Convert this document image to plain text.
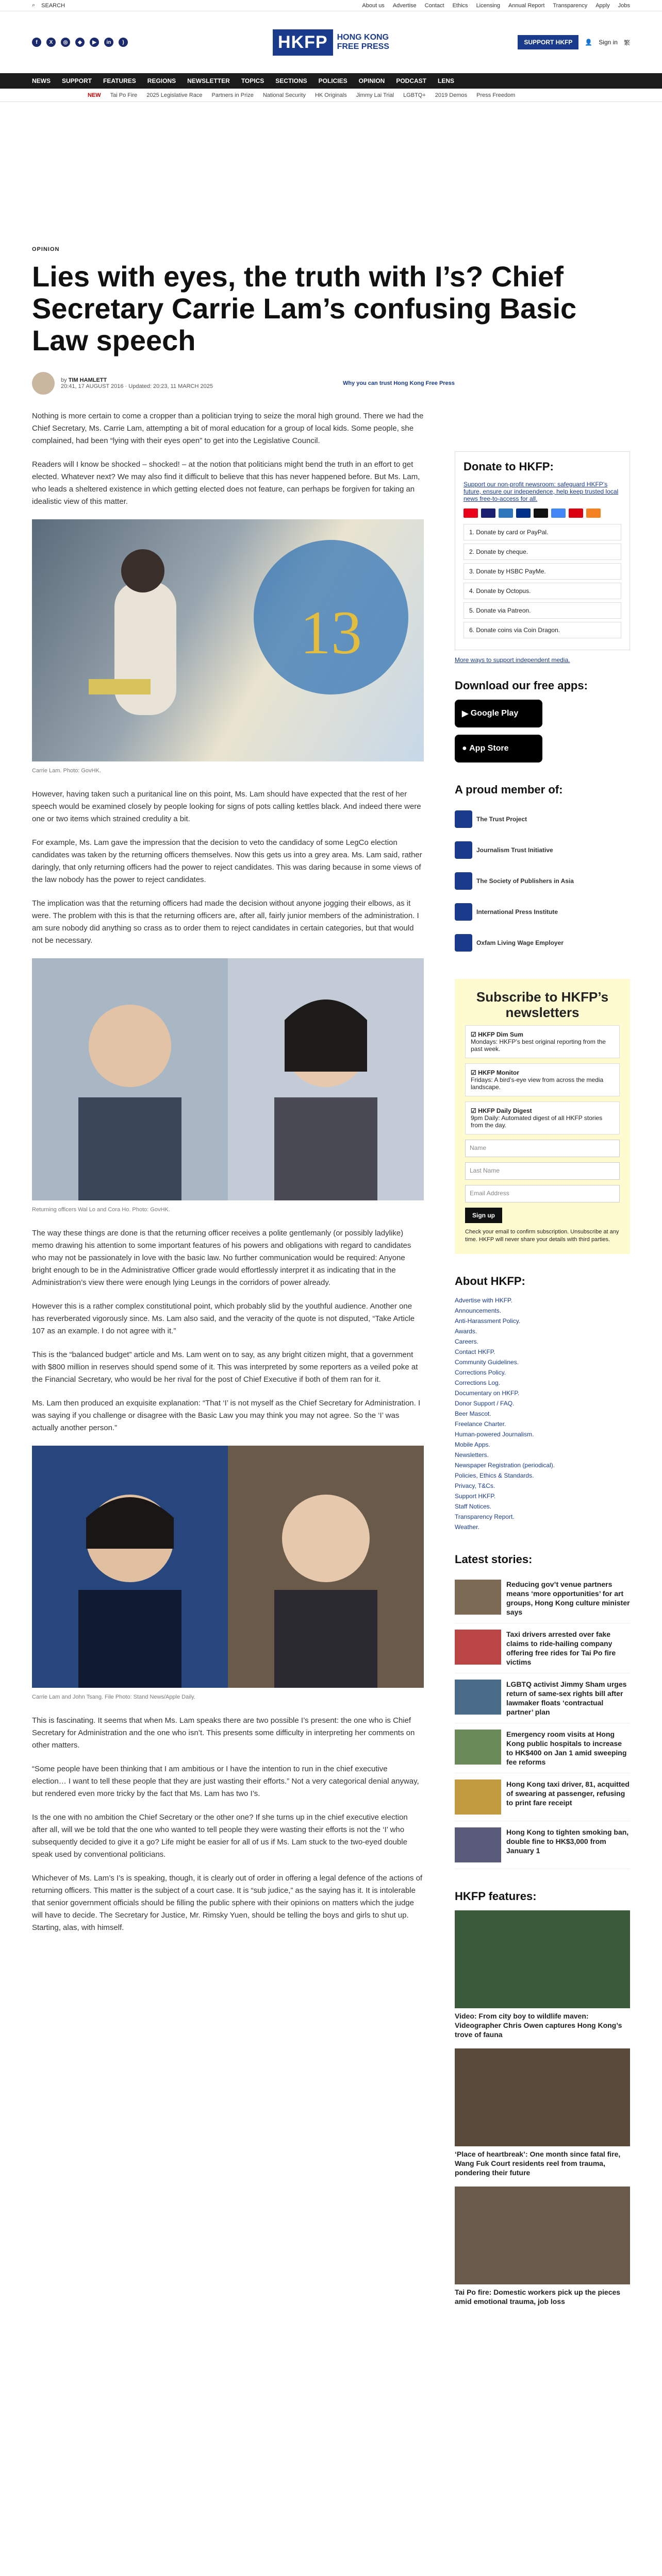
⌕ SEARCH	About us Advertise Contact Ethics Licensing Annual Report Transparency Apply Jobs
f	X	◎	◆	▶	in	)	HKFP	HONG KONG
FREE PRESS	SUPPORT HKFP	👤 Sign in 繁
NEWS SUPPORT FEATURES REGIONS NEWSLETTER TOPICS SECTIONS POLICIES OPINION PODCAST LENS
NEW Tai Po Fire 2025 Legislative Race Partners in Prize National Security HK Originals Jimmy Lai Trial LGBTQ+ 2019 Demos Press Freedom
OPINION
Lies with eyes, the truth with I’s? Chief Secretary Carrie Lam’s confusing Basic Law speech
by TIM HAMLETT
20:41, 17 AUGUST 2016 · Updated: 20:23, 11 MARCH 2025	Why you can trust Hong Kong Free Press

Nothing is more certain to come a cropper than a politician trying to seize the moral high ground. There we had the Chief Secretary, Ms. Carrie Lam, attempting a bit of moral education for a group of local kids. Some people, she complained, had been “lying with their eyes open” to get into the Legislative Council.

Readers will I know be shocked – shocked! – at the notion that politicians might bend the truth in an effort to get elected. Whatever next? We may also find it difficult to believe that this has never happened before. But Ms. Lam, who leads a sheltered existence in which getting elected does not feature, can perhaps be forgiven for taking an idealistic view of this matter.

13
Carrie Lam. Photo: GovHK.

However, having taken such a puritanical line on this point, Ms. Lam should have expected that the rest of her speech would be examined closely by people looking for signs of pots calling kettles black. And indeed there were one or two items which strained credulity a bit.

For example, Ms. Lam gave the impression that the decision to veto the candidacy of some LegCo election candidates was taken by the returning officers themselves. Now this gets us into a grey area. Ms. Lam said, rather daringly, that only returning officers had the power to reject candidates. This was daring because in some views of the law nobody has the power to reject candidates.

The implication was that the returning officers had made the decision without anyone jogging their elbows, as it were. The problem with this is that the returning officers are, after all, fairly junior members of the administration. I am sure nobody did anything so crass as to order them to reject candidates in certain categories, but that would not be necessary.

Returning officers Wal Lo and Cora Ho. Photo: GovHK.

The way these things are done is that the returning officer receives a polite gentlemanly (or possibly ladylike) memo drawing his attention to some important features of his powers and obligations with regard to candidates who may not be passionately in love with the basic law. No further communication would be required: Anyone bright enough to be in the Administrative Officer grade would effortlessly interpret it as indicating that in the Administration’s view there were enough lying Leungs in the corridors of power already.

However this is a rather complex constitutional point, which probably slid by the youthful audience. Another one has reverberated vigorously since. Ms. Lam also said, and the veracity of the quote is not disputed, “Take Article 107 as an example. I do not agree with it.”

This is the “balanced budget” article and Ms. Lam went on to say, as any bright citizen might, that a government with $800 million in reserves should spend some of it. This was interpreted by some reporters as a veiled poke at the Financial Secretary, who would be her rival for the post of Chief Executive if both of them ran for it.

Ms. Lam then produced an exquisite explanation: “That ‘I’ is not myself as the Chief Secretary for Administration. I was saying if you challenge or disagree with the Basic Law you may think you may not agree. So the ‘I’ was actually another person.”

Carrie Lam and John Tsang. File Photo: Stand News/Apple Daily.

This is fascinating. It seems that when Ms. Lam speaks there are two possible I’s present: the one who is Chief Secretary for Administration and the one who isn’t. This presents some difficulty in interpreting her comments on other matters.

“Some people have been thinking that I am ambitious or I have the intention to run in the chief executive election… I want to tell these people that they are just wasting their efforts.” Not a very categorical denial anyway, but rendered even more tricky by the fact that Ms. Lam has two I’s.

Is the one with no ambition the Chief Secretary or the other one? If she turns up in the chief executive election after all, will we be told that the one who wanted to tell people they were wasting their efforts is not the ‘I’ who subsequently decided to give it a go? Life might be easier for all of us if Ms. Lam stuck to the two-eyed double speak used by conventional politicians.

Whichever of Ms. Lam’s I’s is speaking, though, it is clearly out of order in offering a legal defence of the actions of returning officers. This matter is the subject of a court case. It is “sub judice,” as the saying has it. It is intolerable that senior government officials should be filling the public sphere with their opinions on matters which the judge will have to decide. The Secretary for Justice, Mr. Rimsky Yuen, should be telling the boys and girls to shut up. Starting, alas, with himself.

Donate to HKFP:
Support our non-profit newsroom: safeguard HKFP’s future, ensure our independence, help keep trusted local news free-to-access for all.
1. Donate by card or PayPal.
2. Donate by cheque.
3. Donate by HSBC PayMe.
4. Donate by Octopus.
5. Donate via Patreon.
6. Donate coins via Coin Dragon.
More ways to support independent media.
Download our free apps:
▶ Google Play
● App Store
A proud member of:
The Trust Project
Journalism Trust Initiative
The Society of Publishers in Asia
International Press Institute
Oxfam Living Wage Employer
Subscribe to HKFP’s newsletters
☑ HKFP Dim Sum
Mondays: HKFP’s best original reporting from the past week.
☑ HKFP Monitor
Fridays: A bird’s-eye view from across the media landscape.
☑ HKFP Daily Digest
9pm Daily: Automated digest of all HKFP stories from the day.
Name
Last Name
Email Address
Sign up
Check your email to confirm subscription. Unsubscribe at any time. HKFP will never share your details with third parties.
About HKFP:
Advertise with HKFP.
Announcements.
Anti-Harassment Policy.
Awards.
Careers.
Contact HKFP.
Community Guidelines.
Corrections Policy.
Corrections Log.
Documentary on HKFP.
Donor Support / FAQ.
Beer Mascot.
Freelance Charter.
Human-powered Journalism.
Mobile Apps.
Newsletters.
Newspaper Registration (periodical).
Policies, Ethics & Standards.
Privacy, T&Cs.
Support HKFP.
Staff Notices.
Transparency Report.
Weather.
Latest stories:
Reducing gov’t venue partners means ‘more opportunities’ for art groups, Hong Kong culture minister says
Taxi drivers arrested over fake claims to ride-hailing company offering free rides for Tai Po fire victims
LGBTQ activist Jimmy Sham urges return of same-sex rights bill after lawmaker floats ‘contractual partner’ plan
Emergency room visits at Hong Kong public hospitals to increase to HK$400 on Jan 1 amid sweeping fee reforms
Hong Kong taxi driver, 81, acquitted of swearing at passenger, refusing to print fare receipt
Hong Kong to tighten smoking ban, double fine to HK$3,000 from January 1
HKFP features:
Video: From city boy to wildlife maven: Videographer Chris Owen captures Hong Kong’s trove of fauna
‘Place of heartbreak’: One month since fatal fire, Wang Fuk Court residents reel from trauma, pondering their future
Tai Po fire: Domestic workers pick up the pieces amid emotional trauma, job loss
